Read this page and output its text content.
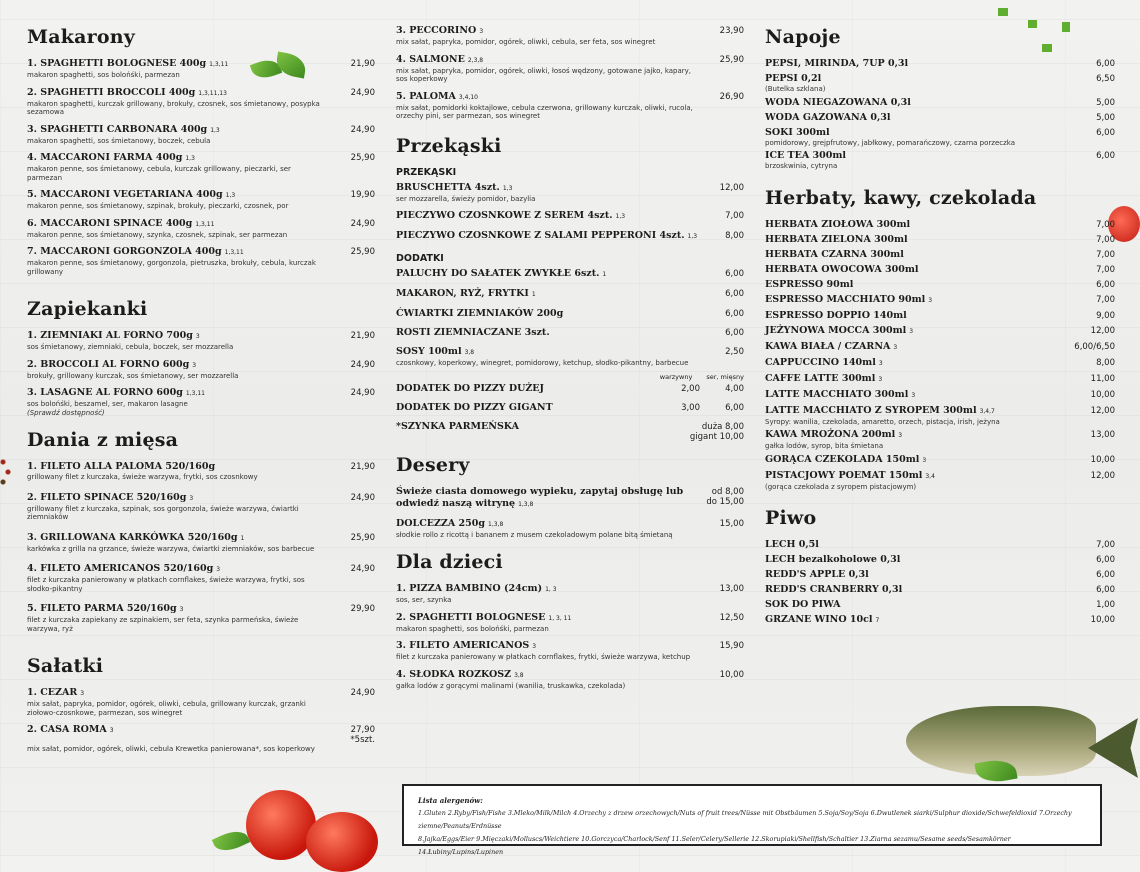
Makarony
1. SPAGHETTI BOLOGNESE 400g 1,3,11	21,90
makaron spaghetti, sos bolońśki, parmezan
2. SPAGHETTI BROCCOLI 400g 1,3,11,13	24,90
makaron spaghetti, kurczak grillowany, brokuły, czosnek, sos śmietanowy, posypka sezamowa
3. SPAGHETTI CARBONARA 400g 1,3	24,90
makaron spaghetti, sos śmietanowy, boczek, cebula
4. MACCARONI FARMA 400g 1,3	25,90
makaron penne, sos śmietanowy, cebula, kurczak grillowany, pieczarki, ser parmezan
5. MACCARONI VEGETARIANA 400g 1,3	19,90
makaron penne, sos śmietanowy, szpinak, brokuły, pieczarki, czosnek, por
6. MACCARONI SPINACE 400g 1,3,11	24,90
makaron penne, sos śmietanowy, szynka, czosnek, szpinak, ser parmezan
7. MACCARONI GORGONZOLA 400g 1,3,11	25,90
makaron penne, sos śmietanowy, gorgonzola, pietruszka, brokuły, cebula, kurczak grillowany
Zapiekanki
1. ZIEMNIAKI AL FORNO 700g 3	21,90
sos śmietanowy, ziemniaki, cebula, boczek, ser mozzarella
2. BROCCOLI AL FORNO 600g 3	24,90
brokuły, grillowany kurczak, sos śmietanowy, ser mozzarella
3. LASAGNE AL FORNO 600g 1,3,11	24,90
sos bolońśki, beszamel, ser, makaron lasagne
(Sprawdź dostępność)
Dania z mięsa
1. FILETO ALLA PALOMA 520/160g	21,90
grillowany filet z kurczaka, świeże warzywa, frytki, sos czosnkowy
2. FILETO SPINACE 520/160g 3	24,90
grillowany filet z kurczaka, szpinak, sos gorgonzola, świeże warzywa, ćwiartki ziemniaków
3. GRILLOWANA KARKÓWKA 520/160g 1	25,90
karkówka z grilla na grzance, świeże warzywa, ćwiartki ziemniaków, sos barbecue
4. FILETO AMERICANOS 520/160g 3	24,90
filet z kurczaka panierowany w płatkach cornflakes, świeże warzywa, frytki, sos słodko-pikantny
5. FILETO PARMA 520/160g 3	29,90
filet z kurczaka zapiekany ze szpinakiem, ser feta, szynka parmeńska, świeże warzywa, ryż
Sałatki
1. CEZAR 3	24,90
mix sałat, papryka, pomidor, ogórek, oliwki, cebula, grillowany kurczak, grzanki ziołowo-czosnkowe, parmezan, sos winegret
2. CASA ROMA 3	27,90
*5szt.
mix sałat, pomidor, ogórek, oliwki, cebula Krewetka panierowana*, sos koperkowy
3. PECCORINO 3	23,90
mix sałat, papryka, pomidor, ogórek, oliwki, cebula, ser feta, sos winegret
4. SALMONE 2,3,8	25,90
mix sałat, papryka, pomidor, ogórek, oliwki, łosoś wędzony, gotowane jajko, kapary, sos koperkowy
5. PALOMA 3,4,10	26,90
mix sałat, pomidorki koktajlowe, cebula czerwona, grillowany kurczak, oliwki, rucola, orzechy pini, ser parmezan, sos winegret
Przekąski
PRZEKĄSKI
BRUSCHETTA 4szt. 1,3	12,00
ser mozzarella, świeży pomidor, bazylia
PIECZYWO CZOSNKOWE Z SEREM 4szt. 1,3	7,00
PIECZYWO CZOSNKOWE Z SALAMI PEPPERONI 4szt. 1,3	8,00
DODATKI
PALUCHY DO SAŁATEK ZWYKŁE 6szt. 1	6,00
MAKARON, RYŻ, FRYTKI 1	6,00
ĆWIARTKI ZIEMNIAKÓW 200g	6,00
ROSTI ZIEMNIACZANE 3szt.	6,00
SOSY 100ml 3,8	2,50
czosnkowy, koperkowy, winegret, pomidorowy, ketchup, słodko-pikantny, barbecue
warzywny ser, mięsny
DODATEK DO PIZZY DUŻEJ	2,00	4,00
DODATEK DO PIZZY GIGANT	3,00	6,00
*SZYNKA PARMEŃSKA	duża 8,00
gigant 10,00
Desery
Świeże ciasta domowego wypieku, zapytaj obsługę lub odwiedź naszą witrynę 1,3,8
od 8,00
do 15,00
DOLCEZZA 250g 1,3,8	15,00
słodkie rollo z ricottą i bananem z musem czekoladowym polane bitą śmietaną
Dla dzieci
1. PIZZA BAMBINO (24cm) 1, 3	13,00
sos, ser, szynka
2. SPAGHETTI BOLOGNESE 1, 3, 11	12,50
makaron spaghetti, sos bolońśki, parmezan
3. FILETO AMERICANOS 3	15,90
filet z kurczaka panierowany w płatkach cornflakes, frytki, świeże warzywa, ketchup
4. SŁODKA ROZKOSZ 3,8	10,00
gałka lodów z gorącymi malinami (wanilia, truskawka, czekolada)
Napoje
PEPSI, MIRINDA, 7UP 0,3l	6,00
PEPSI 0,2l	6,50
(Butelka szklana)
WODA NIEGAZOWANA 0,3l	5,00
WODA GAZOWANA 0,3l	5,00
SOKI 300ml	6,00
pomidorowy, grejpfrutowy, jabłkowy, pomarańczowy, czarna porzeczka
ICE TEA 300ml	6,00
brzoskwinia, cytryna
Herbaty, kawy, czekolada
HERBATA ZIOŁOWA 300ml	7,00
HERBATA ZIELONA 300ml	7,00
HERBATA CZARNA 300ml	7,00
HERBATA OWOCOWA 300ml	7,00
ESPRESSO 90ml	6,00
ESPRESSO MACCHIATO 90ml 3	7,00
ESPRESSO DOPPIO 140ml	9,00
JEŻYNOWA MOCCA 300ml 3	12,00
KAWA BIAŁA / CZARNA 3	6,00/6,50
CAPPUCCINO 140ml 3	8,00
CAFFE LATTE 300ml 3	11,00
LATTE MACCHIATO 300ml 3	10,00
LATTE MACCHIATO Z SYROPEM 300ml 3,4,7	12,00
Syropy: wanilia, czekolada, amaretto, orzech, pistacja, irish, jeżyna
KAWA MROŻONA 200ml 3	13,00
gałka lodów, syrop, bita śmietana
GORĄCA CZEKOLADA 150ml 3	10,00
PISTACJOWY POEMAT 150ml 3,4	12,00
(gorąca czekolada z syropem pistacjowym)
Piwo
LECH 0,5l	7,00
LECH bezalkoholowe 0,3l	6,00
REDD'S APPLE 0,3l	6,00
REDD'S CRANBERRY 0,3l	6,00
SOK DO PIWA	1,00
GRZANE WINO 10cl 7	10,00
Lista alergenów:
1.Gluten 2.Ryby/Fish/Fishe 3.Mleko/Milk/Milch 4.Orzechy z drzew orzechowych/Nuts of fruit trees/Nüsse mit Obstbäumen 5.Soja/Soy/Soja 6.Dwutlenek siarki/Sulphur dioxide/Schwefeldioxid 7.Orzechy ziemne/Peanuts/Erdnüsse
8.Jajka/Eggs/Eier 9.Mięczaki/Molluscs/Weichtiere 10.Gorczyca/Charlock/Senf 11.Seler/Celery/Sellerie 12.Skorupiaki/Shellfish/Schaltier 13.Ziarna sezamu/Sesame seeds/Sesamkörner 14.Łubiny/Lupins/Lupinen
